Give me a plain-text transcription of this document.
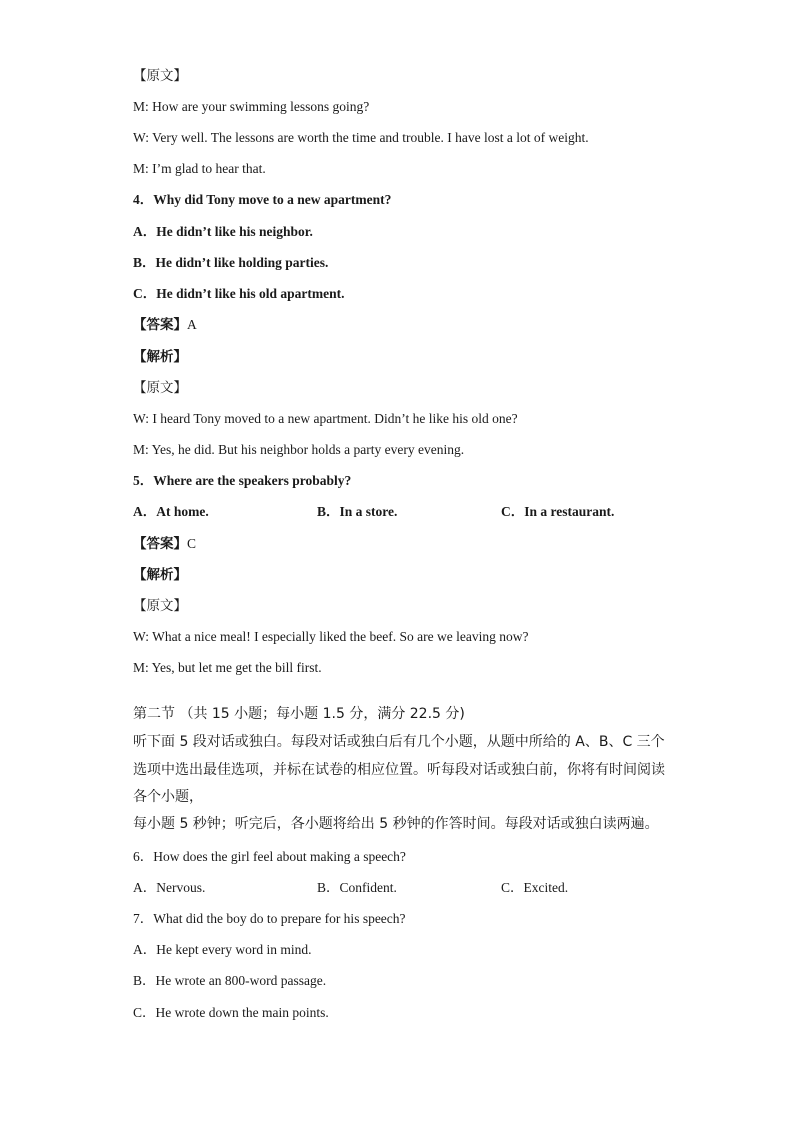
【原文】
M: How are your swimming lessons going?
W: Very well. The lessons are worth the time and trouble. I have lost a lot of weight.
M: I’m glad to hear that.
4．Why did Tony move to a new apartment?
A．He didn’t like his neighbor.
B．He didn’t like holding parties.
C．He didn’t like his old apartment.
【答案】A
【解析】
【原文】
W: I heard Tony moved to a new apartment. Didn’t he like his old one?
M: Yes, he did. But his neighbor holds a party every evening.
5．Where are the speakers probably?
A．At home.	B．In a store.	C．In a restaurant.
【答案】C
【解析】
【原文】
W: What a nice meal! I especially liked the beef. So are we leaving now?
M: Yes, but let me get the bill first.
第二节 （共 15 小题；每小题 1.5 分，满分 22.5 分)
听下面 5 段对话或独白。每段对话或独白后有几个小题，从题中所给的 A、B、C 三个
选项中选出最佳选项，并标在试卷的相应位置。听每段对话或独白前，你将有时间阅读
各个小题，
每小题 5 秒钟；听完后，各小题将给出 5 秒钟的作答时间。每段对话或独白读两遍。
6．How does the girl feel about making a speech?
A．Nervous.	B．Confident.	C．Excited.
7．What did the boy do to prepare for his speech?
A．He kept every word in mind.
B．He wrote an 800-word passage.
C．He wrote down the main points.
